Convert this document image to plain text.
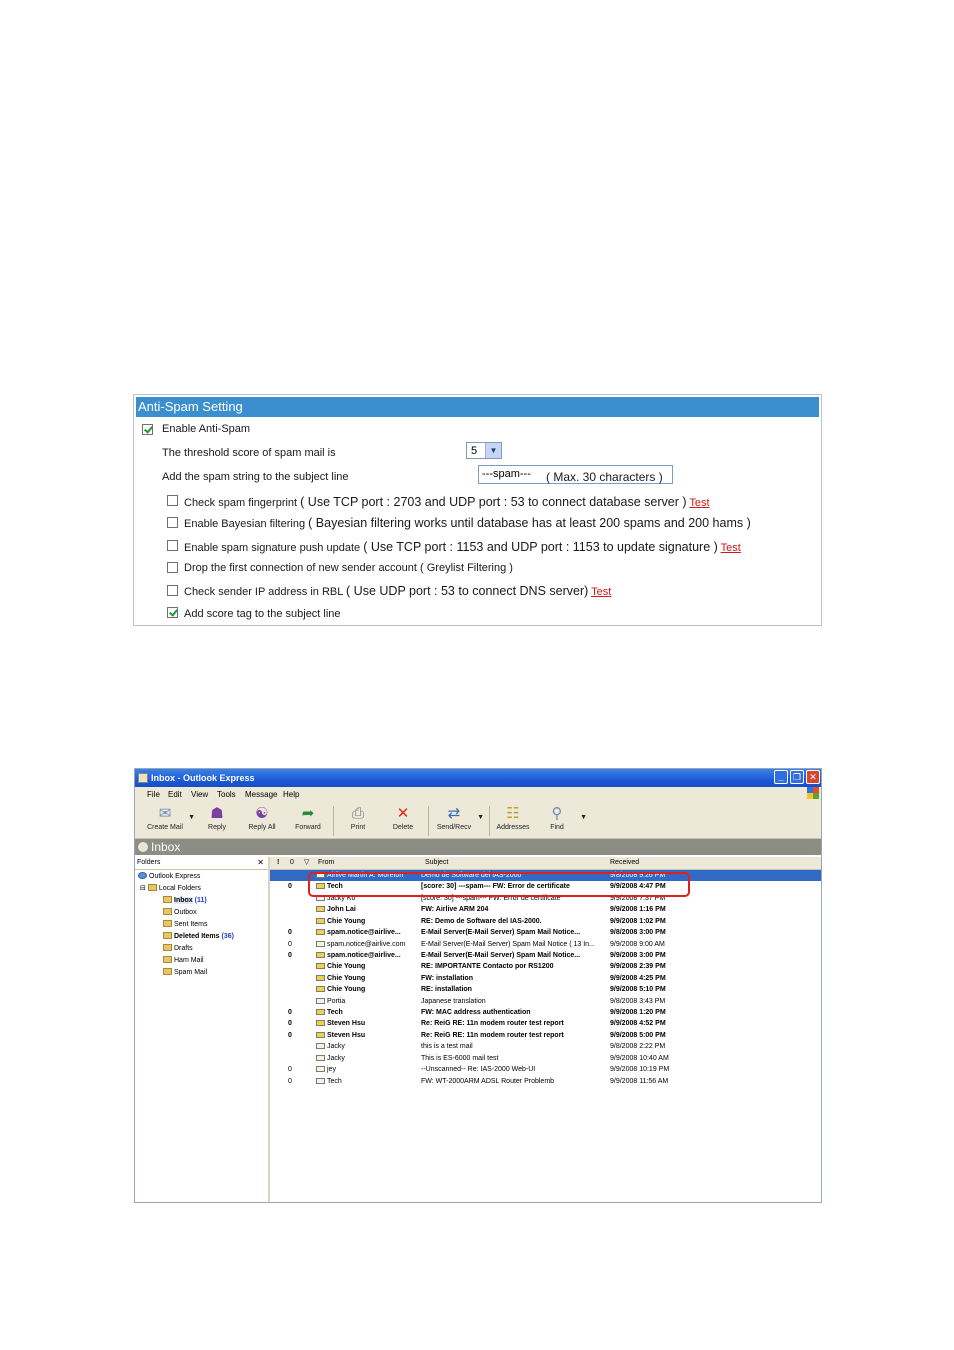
Anti-Spam Setting
Enable Anti-Spam
The threshold score of spam mail is	5	▼
Add the spam string to the subject line	---spam---	( Max. 30 characters )
Check spam fingerprint ( Use TCP port : 2703 and UDP port : 53 to connect database server ) Test
Enable Bayesian filtering ( Bayesian filtering works until database has at least 200 spams and 200 hams )
Enable spam signature push update ( Use TCP port : 1153 and UDP port : 1153 to update signature ) Test
Drop the first connection of new sender account ( Greylist Filtering )
Check sender IP address in RBL ( Use UDP port : 53 to connect DNS server) Test
Add score tag to the subject line
Inbox - Outlook Express	_	❐ ✕
File Edit View Tools Message Help
✉
Create Mail
▼ ☗
Reply
☯
Reply All
➦
Forward
⎙
Print
✕
Delete
⇄
Send/Recv
▼ ☷
Addresses
⚲
Find
▼
Inbox
Folders	✕
Outlook Express
⊟ Local Folders
Inbox (11)
Outbox
Sent Items
Deleted Items (36)
Drafts
Ham Mail
Spam Mail
! 0 ▽ From	Subject	Received
Airlive Martin A. Moreton	Demo de Software del IAS-2000	9/8/2008 9:26 PM
0	Tech	[score: 30] ---spam--- FW: Error de certificate	9/9/2008 4:47 PM
Jacky Ko	[score: 30] ---spam--- FW: Error de certificate	9/9/2008 7:37 PM
John Lai	FW: Airlive ARM 204	9/9/2008 1:16 PM
Chie Young	RE: Demo de Software del IAS-2000.	9/9/2008 1:02 PM
0	spam.notice@airlive...	E-Mail Server(E-Mail Server) Spam Mail Notice...	9/8/2008 3:00 PM
0	spam.notice@airlive.com	E-Mail Server(E-Mail Server) Spam Mail Notice ( 13 In...	9/9/2008 9:00 AM
0	spam.notice@airlive...	E-Mail Server(E-Mail Server) Spam Mail Notice...	9/9/2008 3:00 PM
Chie Young	RE: IMPORTANTE Contacto por RS1200	9/9/2008 2:39 PM
Chie Young	FW: installation	9/9/2008 4:25 PM
Chie Young	RE: installation	9/9/2008 5:10 PM
Portia	Japanese translation	9/8/2008 3:43 PM
0	Tech	FW: MAC address authentication	9/9/2008 1:20 PM
0	Steven Hsu	Re: ReiG RE: 11n modem router test report	9/9/2008 4:52 PM
0	Steven Hsu	Re: ReiG RE: 11n modem router test report	9/9/2008 5:00 PM
Jacky	this is a test mail	9/8/2008 2:22 PM
Jacky	This is ES-6000 mail test	9/9/2008 10:40 AM
0	jey	--Unscanned-- Re: IAS-2000 Web-UI	9/9/2008 10:19 PM
0	Tech	FW: WT-2000ARM ADSL Router Problemb	9/9/2008 11:56 AM
